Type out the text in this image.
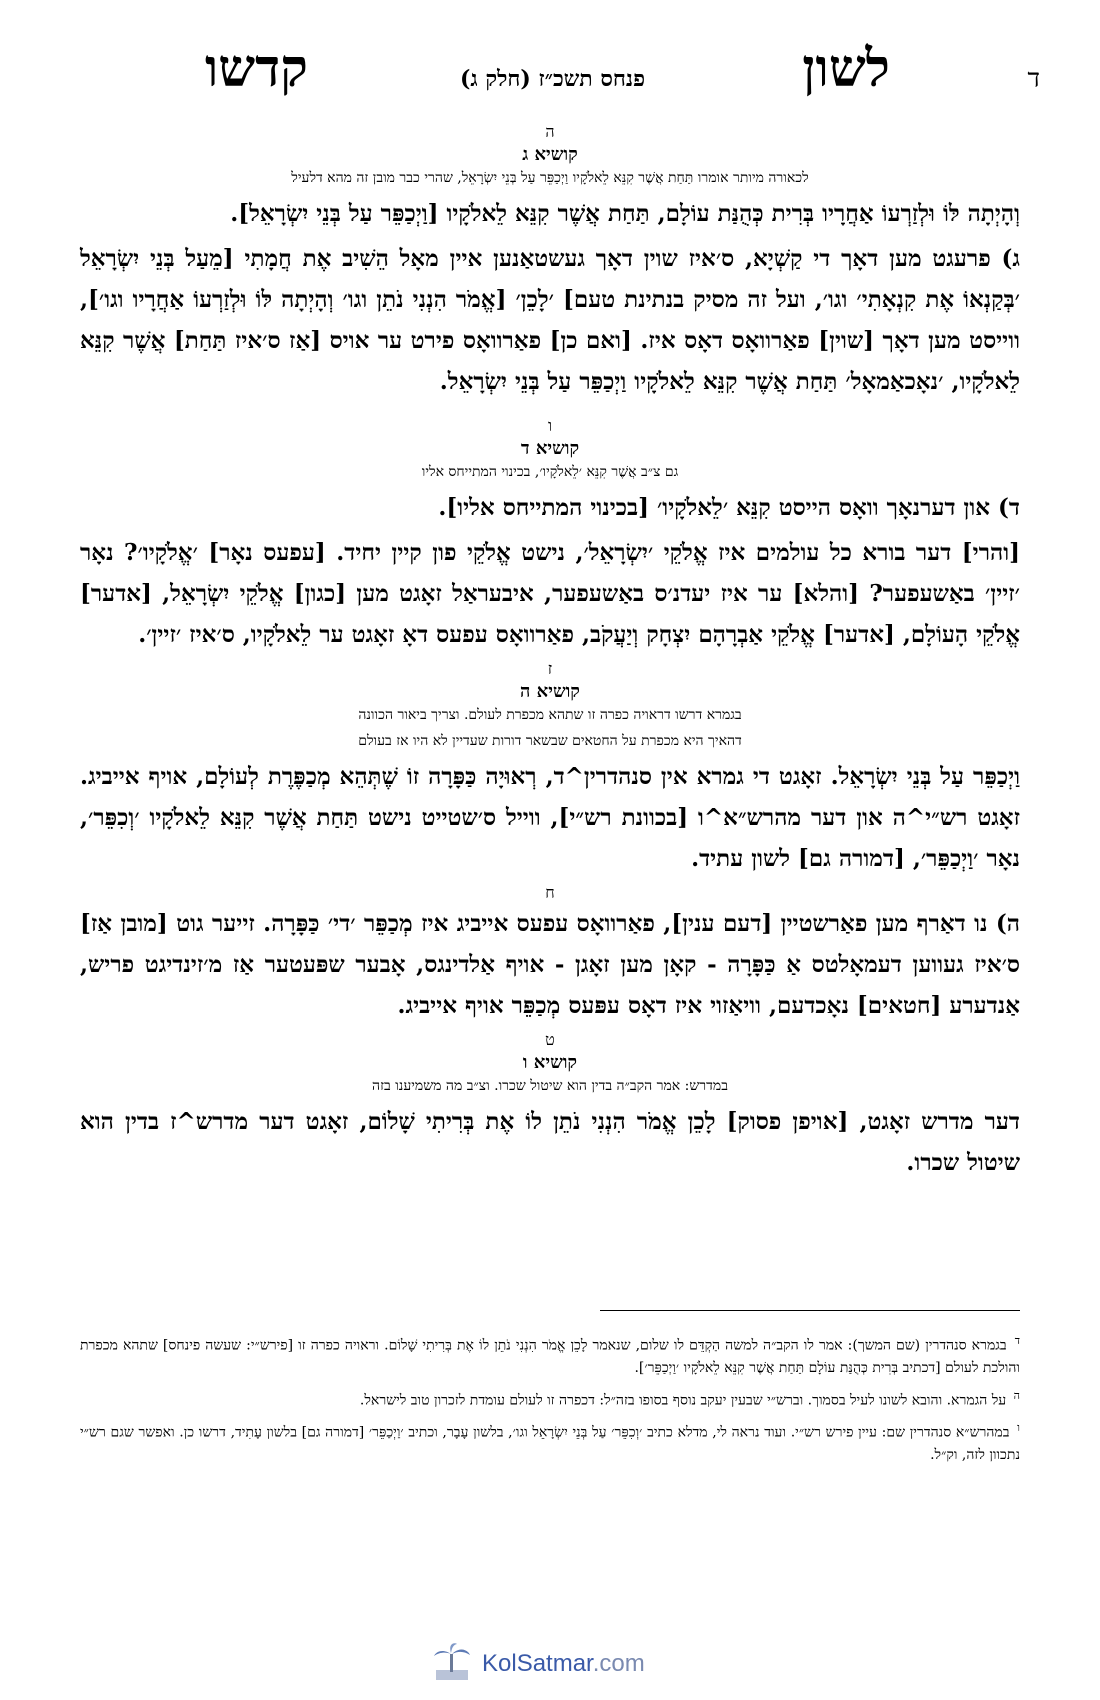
ד
לשון
פנחס תשכ״ז (חלק ג)
קדשו
ה
קושיא ג
לכאורה מיותר אומרו תַּחַת אֲשֶׁר קִנֵּא לֵאלֹקָיו וַיְכַפֵּר עַל בְּנֵי יִשְׂרָאֵל, שהרי כבר מובן זה מהא דלעיל

וְהָיְתָה לּוֹ וּלְזַרְעוֹ אַחֲרָיו בְּרִית כְּהֻנַּת עוֹלָם, תַּחַת אֲשֶׁר קִנֵּא לֵאלֹקָיו [וַיְכַפֵּר עַל בְּנֵי יִשְׂרָאֵל].

ג) פרעגט מען דאָך די קַשְׁיָא, ס׳איז שוין דאָך געשטאַנען איין מאָל הֵשִׁיב אֶת חֲמָתִי [מֵעַל בְּנֵי יִשְׂרָאֵל ׳בְּקַנְאוֹ אֶת קִנְאָתִי׳ וגו׳, ועל זה מסיק בנתינת טעם] ׳לָכֵן׳ [אֱמֹר הִנְנִי נֹתֵן וגו׳ וְהָיְתָה לּוֹ וּלְזַרְעוֹ אַחֲרָיו וגו׳], ווייסט מען דאָך [שוין] פאַרוואָס דאָס איז. [ואם כן] פאַרוואָס פירט ער אויס [אַז ס׳איז תַּחַת] אֲשֶׁר קִנֵּא לֵאלֹקָיו, ׳נאָכאַמאָל׳ תַּחַת אֲשֶׁר קִנֵּא לֵאלֹקָיו וַיְכַפֵּר עַל בְּנֵי יִשְׂרָאֵל.

ו
קושיא ד
גם צ״ב אֲשֶׁר קִנֵּא ׳לֵאלֹקָיו׳, בכינוי המתייחס אליו

ד) און דערנאָך וואָס הייסט קִנֵּא ׳לֵאלֹקָיו׳ [בכינוי המתייחס אליו].

[והרי] דער בורא כל עולמים איז אֱלֹקֵי ׳יִשְׂרָאֵל׳, נישט אֱלֹקֵי פון קיין יחיד. [עפעס נאָר] ׳אֱלֹקָיו׳? נאָר ׳זיין׳ באַשעפער? [והלא] ער איז יעדנ׳ס באַשעפער, איבעראַל זאָגט מען [כגון] אֱלֹקֵי יִשְׂרָאֵל, [אדער] אֱלֹקֵי הָעוֹלָם, [אדער] אֱלֹקֵי אַבְרָהָם יִצְחָק וְיַעֲקֹב, פאַרוואָס עפעס דאָ זאָגט ער לֵאלֹקָיו, ס׳איז ׳זיין׳.

ז
קושיא ה
בגמרא דרשו דראויה כפרה זו שתהא מכפרת לעולם. וצריך ביאור הכוונה
דהאיך היא מכפרת על החטאים שבשאר דורות שעדיין לא היו אז בעולם

וַיְכַפֵּר עַל בְּנֵי יִשְׂרָאֵל. זאָגט די גמרא אין סנהדרין^ד, רְאוּיָה כַּפָּרָה זוֹ שֶׁתְּהֵא מְכַפֶּרֶת לְעוֹלָם, אויף אייביג. זאָגט רש״י^ה און דער מהרש״א^ו [בכוונת רש״י], ווייל ס׳שטייט נישט תַּחַת אֲשֶׁר קִנֵּא לֵאלֹקָיו ׳וְכִפֵּר׳, נאָר ׳וַיְכַפֵּר׳, [דמורה גם] לשון עתיד.

ח

ה) נו דאַרף מען פאַרשטיין [דעם ענין], פאַרוואָס עפעס אייביג איז מְכַפֵּר ׳די׳ כַּפָּרָה. זייער גוט [מובן אַז] ס׳איז געווען דעמאָלטס אַ כַּפָּרָה - קאָן מען זאָגן - אויף אַלדינגס, אָבער שפּעטער אַז מ׳זינדיגט פריש, אַנדערע [חטאים] נאָכדעם, וויאַזוי איז דאָס עפּעס מְכַפֵּר אויף אייביג.

ט
קושיא ו
במדרש: אמר הקב״ה בדין הוא שיטול שכרו. וצ״ב מה משמיענו בזה

דער מדרש זאָגט, [אויפן פסוק] לָכֵן אֱמֹר הִנְנִי נֹתֵן לוֹ אֶת בְּרִיתִי שָׁלוֹם, זאָגט דער מדרש^ז בדין הוא שיטול שכרו.

$^ד$ בגמרא סנהדרין (שם המשך): אמר לו הקב״ה למשה הַקְדֵּם לו שלום, שנאמר לָכֵן אֱמֹר הִנְנִי נֹתֵן לוֹ אֶת בְּרִיתִי שָׁלוֹם. וראויה כפרה זו [פירש״י: שעשה פינחס] שתהא מכפרת והולכת לעולם [דכתיב בְּרִית כְּהֻנַּת עוֹלָם תַּחַת אֲשֶׁר קִנֵּא לֵאלֹקָיו ׳וַיְכַפֵּר׳].

$^ה$ על הגמרא. והובא לשונו לעיל בסמוך. וברש״י שבעין יעקב נוסף בסופו בזה״ל: דכפרה זו לעולם עומדת לזכרון טוב לישראל.

$^ו$ במהרש״א סנהדרין שם: עיין פירש רש״י. ועוד נראה לי, מדלא כתיב ׳וְכִפֵּר׳ עַל בְּנֵי יִשְׂרָאֵל וגו׳, בלשון עָבָר, וכתיב ׳וַיְכַפֵּר׳ [דמורה גם] בלשון עָתִיד, דרשו כן. ואפשר שגם רש״י נתכוון לזה, וק״ל.

KolSatmar.com
